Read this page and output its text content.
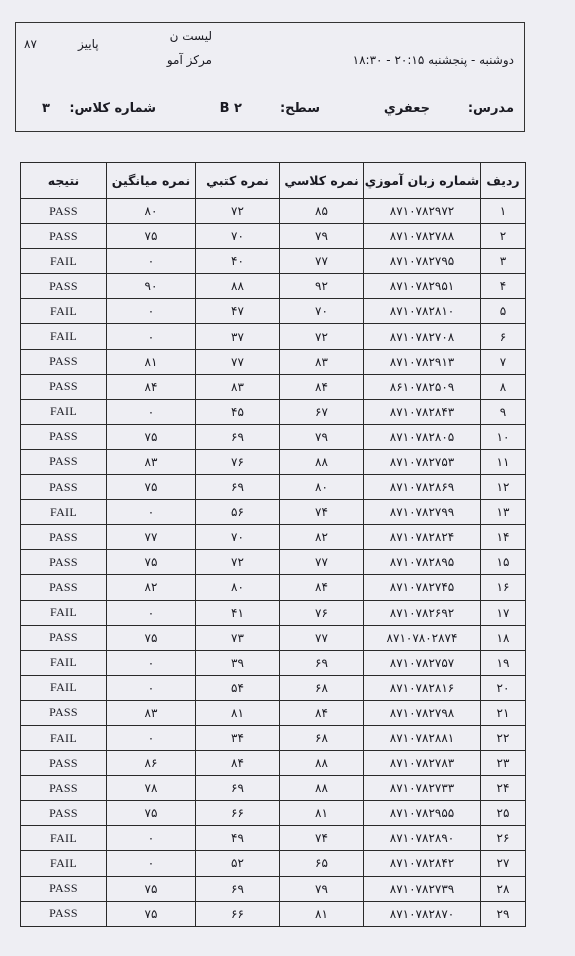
لیست ن
۸۷	پاییز
مرکز آمو	دوشنبه - پنجشنبه ۲۰:۱۵ - ۱۸:۳۰
مدرس:
جعفري
سطح:
B ۲
شماره کلاس:
۳
ردیف	شماره زبان آموزي	نمره كلاسي	نمره كتبي	نمره ميانگين	نتيجه
۱	۸۷۱۰۷۸۲۹۷۲	۸۵	۷۲	۸۰	PASS
۲	۸۷۱۰۷۸۲۷۸۸	۷۹	۷۰	۷۵	PASS
۳	۸۷۱۰۷۸۲۷۹۵	۷۷	۴۰	۰	FAIL
۴	۸۷۱۰۷۸۲۹۵۱	۹۲	۸۸	۹۰	PASS
۵	۸۷۱۰۷۸۲۸۱۰	۷۰	۴۷	۰	FAIL
۶	۸۷۱۰۷۸۲۷۰۸	۷۲	۳۷	۰	FAIL
۷	۸۷۱۰۷۸۲۹۱۳	۸۳	۷۷	۸۱	PASS
۸	۸۶۱۰۷۸۲۵۰۹	۸۴	۸۳	۸۴	PASS
۹	۸۷۱۰۷۸۲۸۴۳	۶۷	۴۵	۰	FAIL
۱۰	۸۷۱۰۷۸۲۸۰۵	۷۹	۶۹	۷۵	PASS
۱۱	۸۷۱۰۷۸۲۷۵۳	۸۸	۷۶	۸۳	PASS
۱۲	۸۷۱۰۷۸۲۸۶۹	۸۰	۶۹	۷۵	PASS
۱۳	۸۷۱۰۷۸۲۷۹۹	۷۴	۵۶	۰	FAIL
۱۴	۸۷۱۰۷۸۲۸۲۴	۸۲	۷۰	۷۷	PASS
۱۵	۸۷۱۰۷۸۲۸۹۵	۷۷	۷۲	۷۵	PASS
۱۶	۸۷۱۰۷۸۲۷۴۵	۸۴	۸۰	۸۲	PASS
۱۷	۸۷۱۰۷۸۲۶۹۲	۷۶	۴۱	۰	FAIL
۱۸	۸۷۱۰۷۸۰۲۸۷۴	۷۷	۷۳	۷۵	PASS
۱۹	۸۷۱۰۷۸۲۷۵۷	۶۹	۳۹	۰	FAIL
۲۰	۸۷۱۰۷۸۲۸۱۶	۶۸	۵۴	۰	FAIL
۲۱	۸۷۱۰۷۸۲۷۹۸	۸۴	۸۱	۸۳	PASS
۲۲	۸۷۱۰۷۸۲۸۸۱	۶۸	۳۴	۰	FAIL
۲۳	۸۷۱۰۷۸۲۷۸۳	۸۸	۸۴	۸۶	PASS
۲۴	۸۷۱۰۷۸۲۷۳۳	۸۸	۶۹	۷۸	PASS
۲۵	۸۷۱۰۷۸۲۹۵۵	۸۱	۶۶	۷۵	PASS
۲۶	۸۷۱۰۷۸۲۸۹۰	۷۴	۴۹	۰	FAIL
۲۷	۸۷۱۰۷۸۲۸۴۲	۶۵	۵۲	۰	FAIL
۲۸	۸۷۱۰۷۸۲۷۳۹	۷۹	۶۹	۷۵	PASS
۲۹	۸۷۱۰۷۸۲۸۷۰	۸۱	۶۶	۷۵	PASS
